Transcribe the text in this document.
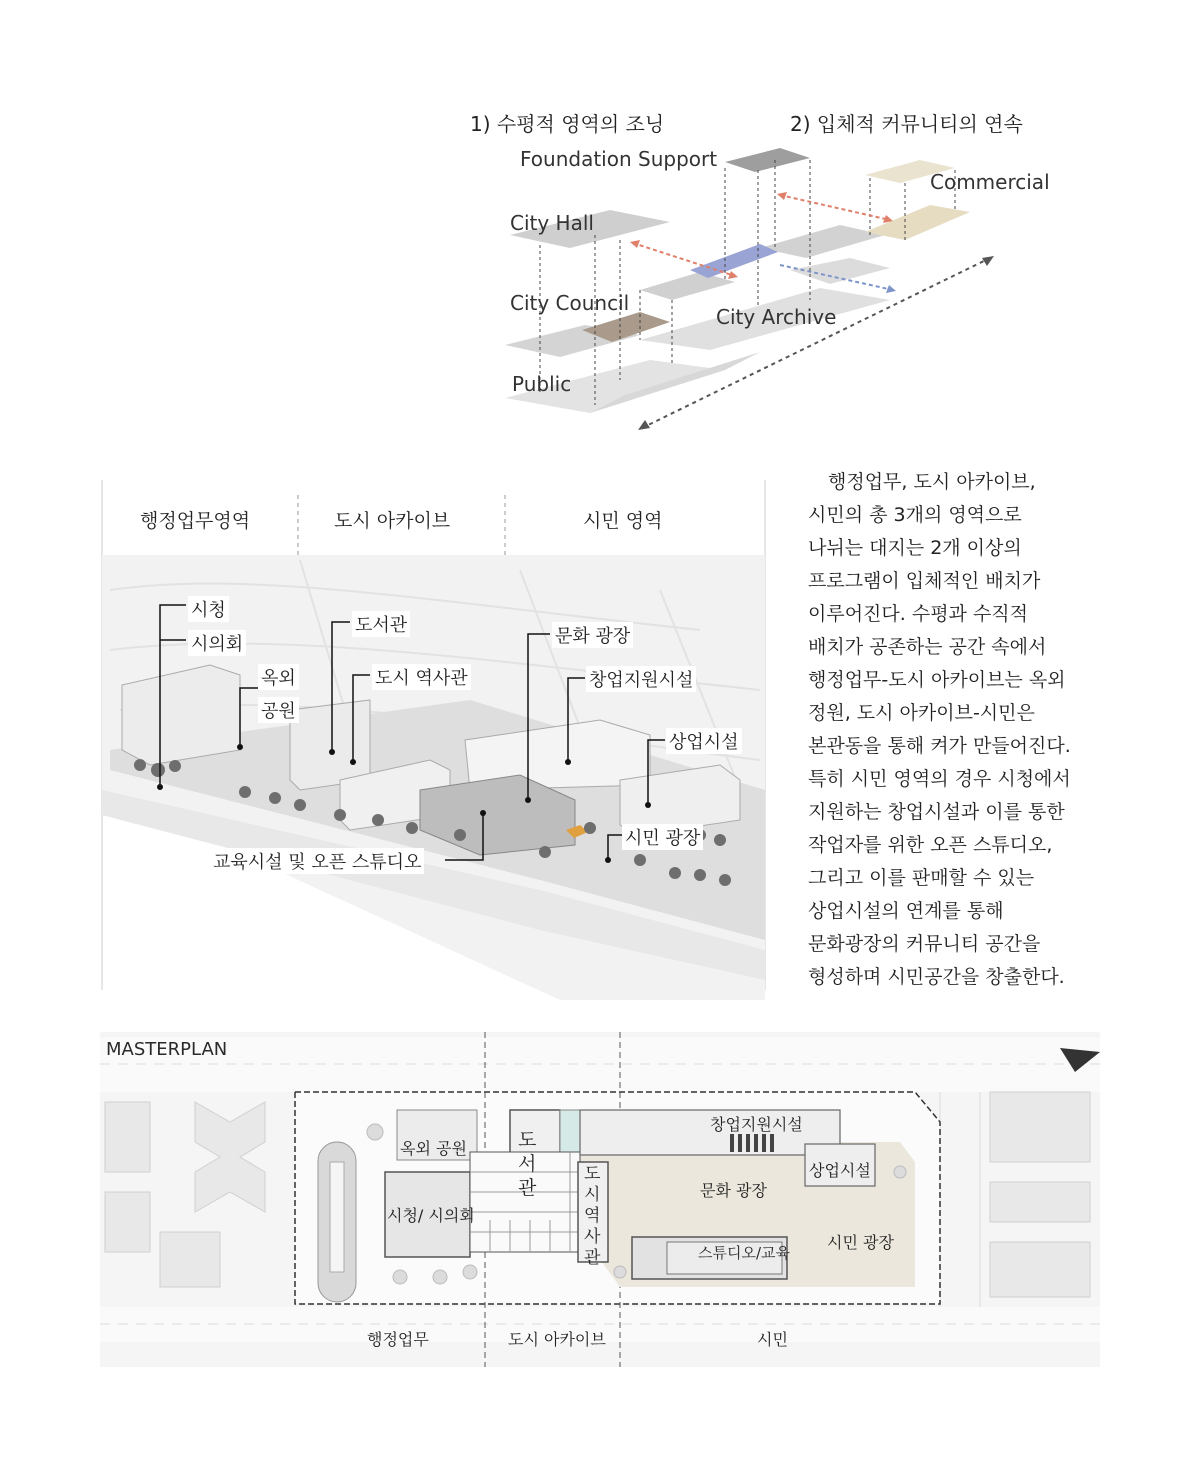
1) 수평적 영역의 조닝	2) 입체적 커뮤니티의 연속
Foundation Support
Commercial
City Hall
City Council
City Archive
Public
행정업무영역	도시 아카이브	시민 영역
시청
시의회
옥외
공원
도서관
도시 역사관
문화 광장
창업지원시설
상업시설
시민 광장
교육시설 및 오픈 스튜디오
행정업무, 도시 아카이브,
시민의 총 3개의 영역으로
나뉘는 대지는 2개 이상의
프로그램이 입체적인 배치가
이루어진다. 수평과 수직적
배치가 공존하는 공간 속에서
행정업무-도시 아카이브는 옥외
정원, 도시 아카이브-시민은
본관동을 통해 켜가 만들어진다.
특히 시민 영역의 경우 시청에서
지원하는 창업시설과 이를 통한
작업자를 위한 오픈 스튜디오,
그리고 이를 판매할 수 있는
상업시설의 연계를 통해
문화광장의 커뮤니티 공간을
형성하며 시민공간을 창출한다.
MASTERPLAN
옥외 공원
시청/ 시의회
도
서
관
도
시
역
사
관
창업지원시설
상업시설
문화 광장
스튜디오/교육
시민 광장
행정업무	도시 아카이브	시민
